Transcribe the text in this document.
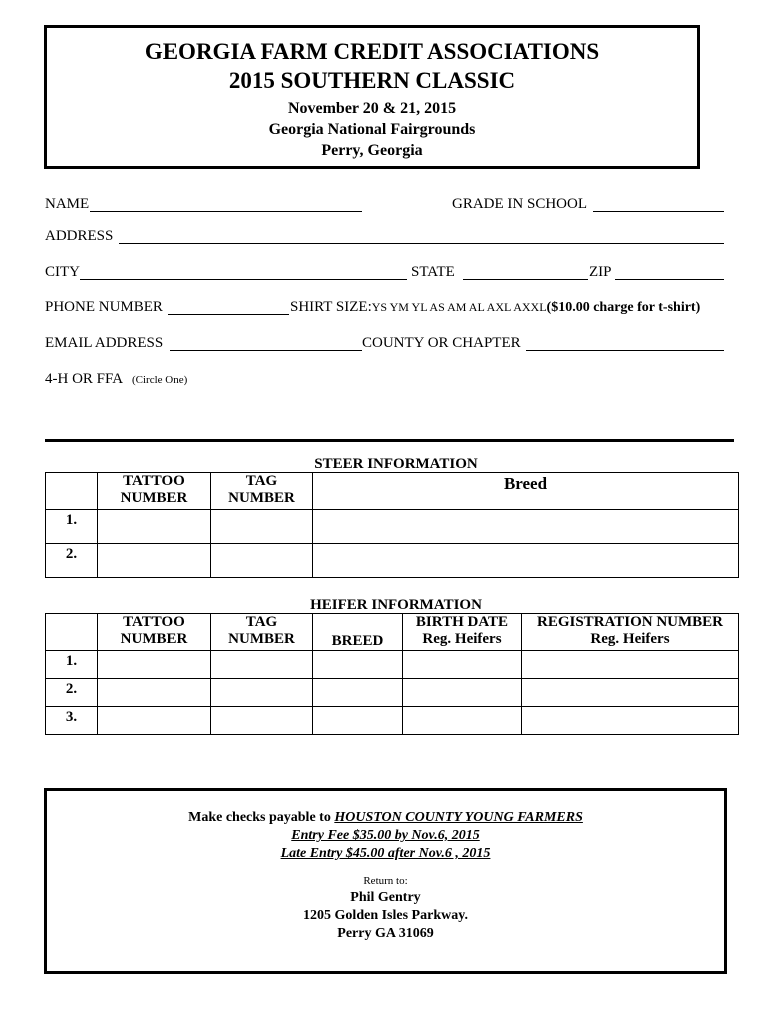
GEORGIA FARM CREDIT ASSOCIATIONS
2015 SOUTHERN CLASSIC
November 20 & 21, 2015
Georgia National Fairgrounds
Perry, Georgia
NAME	GRADE IN SCHOOL
ADDRESS
CITY	STATE	ZIP
PHONE NUMBER	SHIRT SIZE:YS YM YL AS AM AL AXL AXXL($10.00 charge for t-shirt)
EMAIL ADDRESS	COUNTY OR CHAPTER
4-H OR FFA (Circle One)
STEER INFORMATION
	TATTOO NUMBER	TAG NUMBER	Breed
1.			
2.			
HEIFER INFORMATION
	TATTOO NUMBER	TAG NUMBER	BREED	BIRTH DATE Reg. Heifers	REGISTRATION NUMBER Reg. Heifers
1.					
2.					
3.					
Make checks payable to HOUSTON COUNTY YOUNG FARMERS
Entry Fee $35.00 by Nov.6, 2015
Late Entry $45.00 after Nov.6 , 2015
Return to:
Phil Gentry
1205 Golden Isles Parkway.
Perry GA 31069
